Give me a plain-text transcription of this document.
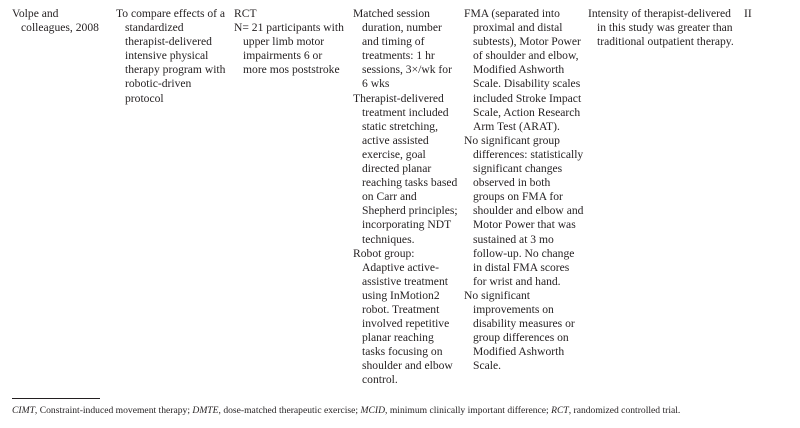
Volpe and
colleagues, 2008

To compare effects of a standardized therapist-delivered intensive physical therapy program with robotic-driven protocol

RCT

N= 21 participants with upper limb motor impairments 6 or more mos poststroke

Matched session duration, number and timing of treatments: 1 hr sessions, 3×/wk for 6 wks

Therapist-delivered treatment included static stretching, active assisted exercise, goal directed planar reaching tasks based on Carr and Shepherd principles; incorporating NDT techniques.

Robot group: Adaptive active-assistive treatment using InMotion2 robot. Treatment involved repetitive planar reaching tasks focusing on shoulder and elbow control.

FMA (separated into proximal and distal subtests), Motor Power of shoulder and elbow, Modified Ashworth Scale. Disability scales included Stroke Impact Scale, Action Research Arm Test (ARAT).

No significant group differences: statistically significant changes observed in both groups on FMA for shoulder and elbow and Motor Power that was sustained at 3 mo follow-up. No change in distal FMA scores for wrist and hand.

No significant improvements on disability measures or group differences on Modified Ashworth Scale.

Intensity of therapist-delivered in this study was greater than traditional outpatient therapy.

II

CIMT, Constraint-induced movement therapy; DMTE, dose-matched therapeutic exercise; MCID, minimum clinically important difference; RCT, randomized controlled trial.
